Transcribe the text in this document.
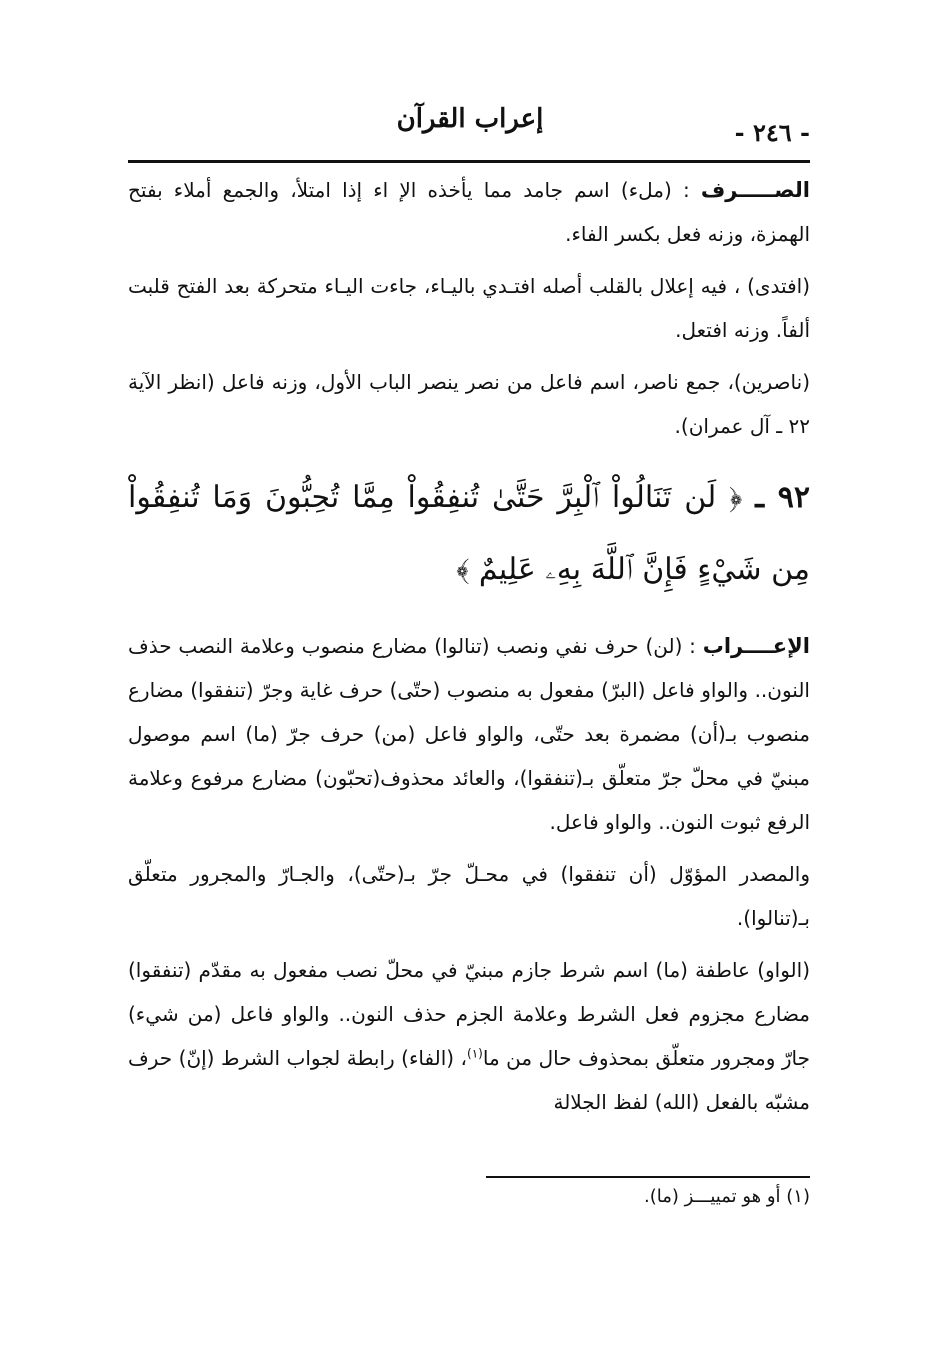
إعراب القرآن	- ٢٤٦ -

الصـــــرف : (ملء) اسم جامد مما يأخذه الإ اء إذا امتلأ، والجمع أملاء بفتح الهمزة، وزنه فعل بكسر الفاء.

(افتدى) ، فيه إعلال بالقلب أصله افتـدي باليـاء، جاءت اليـاء متحركة بعد الفتح قلبت ألفاً. وزنه افتعل.

(ناصرين)، جمع ناصر، اسم فاعل من نصر ينصر الباب الأول، وزنه فاعل (انظر الآية ٢٢ ـ آل عمران).

٩٢ ـ ﴿ لَن تَنَالُواْ ٱلْبِرَّ حَتَّىٰ تُنفِقُواْ مِمَّا تُحِبُّونَ وَمَا تُنفِقُواْ مِن شَيْءٍ فَإِنَّ ٱللَّهَ بِهِۦ عَلِيمٌ ﴾

الإعــــراب : (لن) حرف نفي ونصب (تنالوا) مضارع منصوب وعلامة النصب حذف النون.. والواو فاعل (البرّ) مفعول به منصوب (حتّى) حرف غاية وجرّ (تنفقوا) مضارع منصوب بـ(أن) مضمرة بعد حتّى، والواو فاعل (من) حرف جرّ (ما) اسم موصول مبنيّ في محلّ جرّ متعلّق بـ(تنفقوا)، والعائد محذوف(تحبّون) مضارع مرفوع وعلامة الرفع ثبوت النون.. والواو فاعل.

والمصدر المؤوّل (أن تنفقوا) في محـلّ جرّ بـ(حتّى)، والجـارّ والمجرور متعلّق بـ(تنالوا).

(الواو) عاطفة (ما) اسم شرط جازم مبنيّ في محلّ نصب مفعول به مقدّم (تنفقوا) مضارع مجزوم فعل الشرط وعلامة الجزم حذف النون.. والواو فاعل (من شيء) جارّ ومجرور متعلّق بمحذوف حال من ما$^{(١)}$، (الفاء) رابطة لجواب الشرط (إنّ) حرف مشبّه بالفعل (الله) لفظ الجلالة

(١) أو هو تمييـــز (ما).
